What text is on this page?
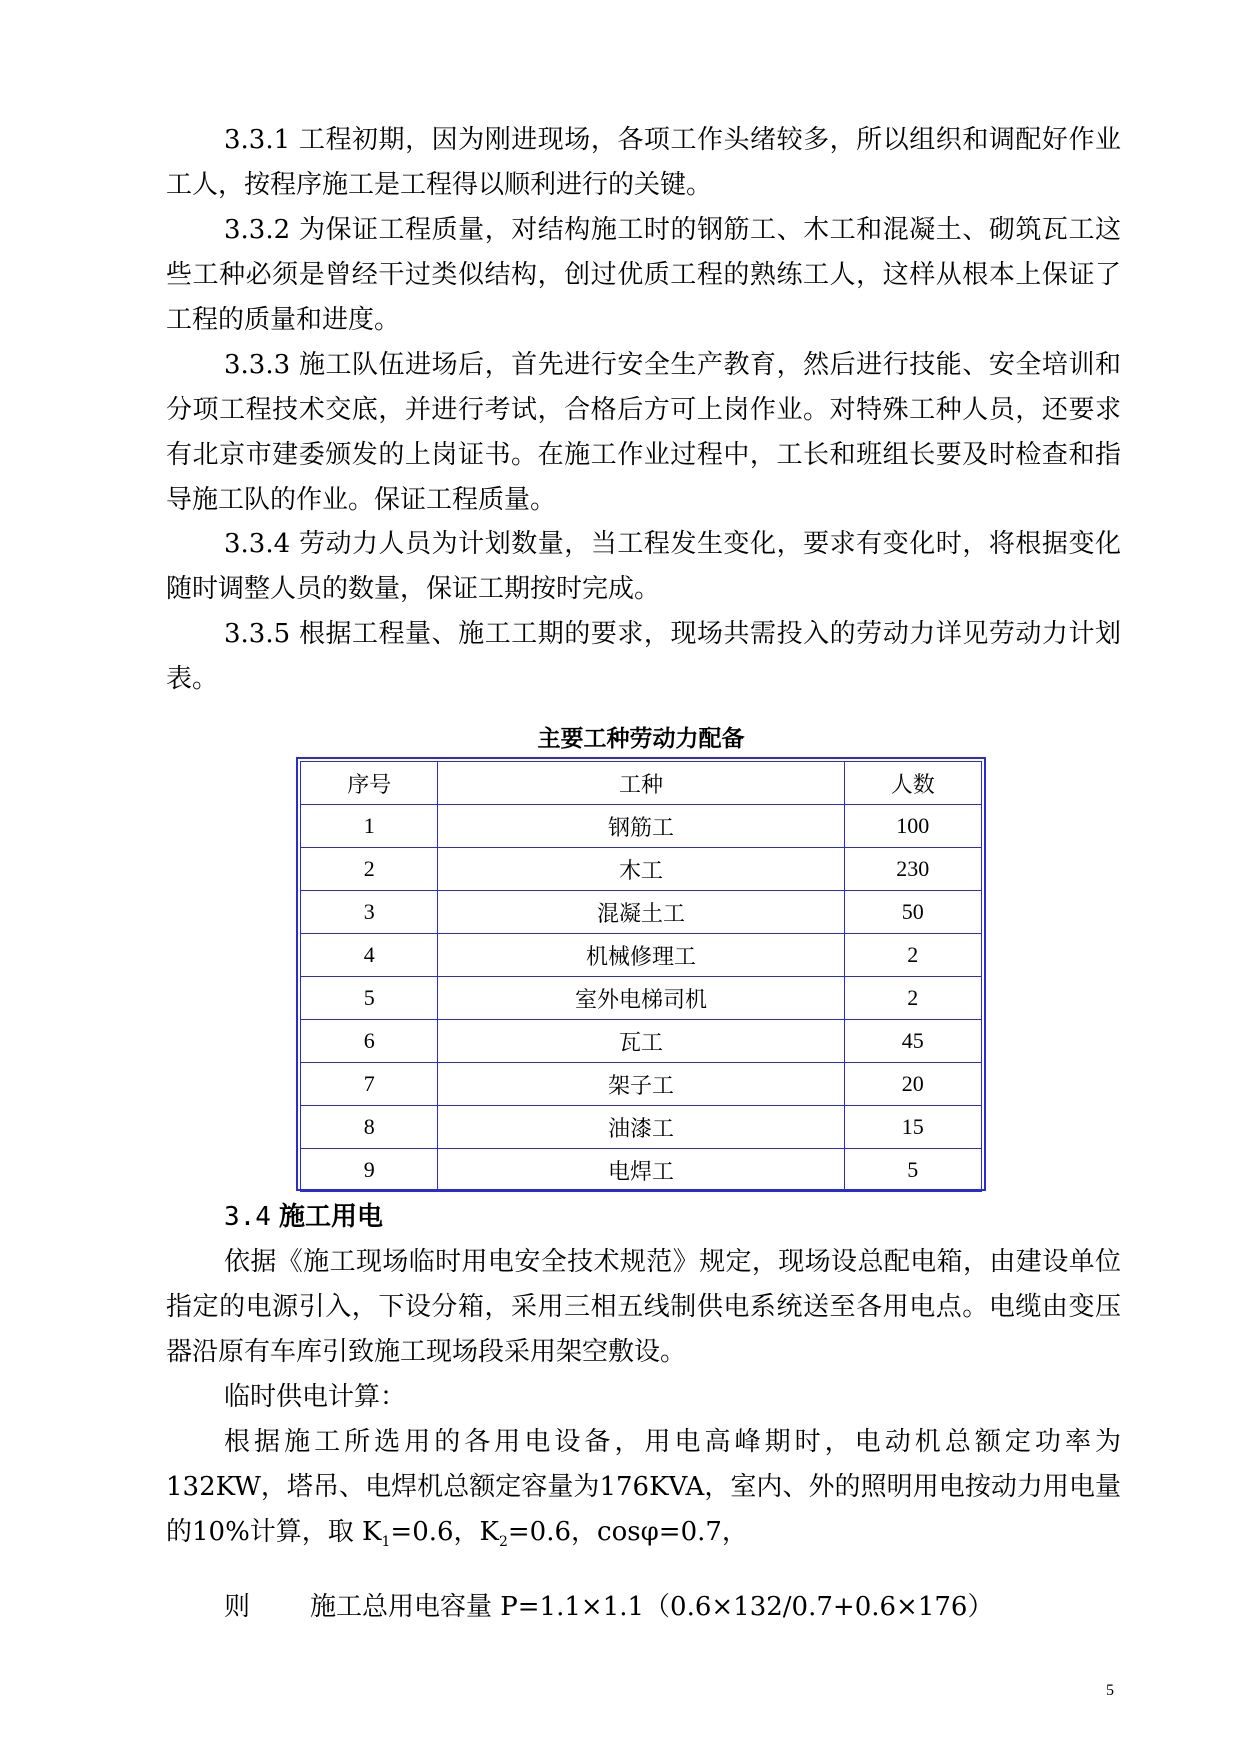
3.3.1 工程初期，因为刚进现场，各项工作头绪较多，所以组织和调配好作业工人，按程序施工是工程得以顺利进行的关键。

3.3.2 为保证工程质量，对结构施工时的钢筋工、木工和混凝土、砌筑瓦工这些工种必须是曾经干过类似结构，创过优质工程的熟练工人，这样从根本上保证了工程的质量和进度。

3.3.3 施工队伍进场后，首先进行安全生产教育，然后进行技能、安全培训和分项工程技术交底，并进行考试，合格后方可上岗作业。对特殊工种人员，还要求有北京市建委颁发的上岗证书。在施工作业过程中，工长和班组长要及时检查和指导施工队的作业。保证工程质量。

3.3.4 劳动力人员为计划数量，当工程发生变化，要求有变化时，将根据变化随时调整人员的数量，保证工期按时完成。

3.3.5 根据工程量、施工工期的要求，现场共需投入的劳动力详见劳动力计划表。

主要工种劳动力配备
序号	工种	人数
1	钢筋工	100
2	木工	230
3	混凝土工	50
4	机械修理工	2
5	室外电梯司机	2
6	瓦工	45
7	架子工	20
8	油漆工	15
9	电焊工	5
3.4 施工用电

依据《施工现场临时用电安全技术规范》规定，现场设总配电箱，由建设单位指定的电源引入，下设分箱，采用三相五线制供电系统送至各用电点。电缆由变压器沿原有车库引致施工现场段采用架空敷设。

临时供电计算：

根据施工所选用的各用电设备，用电高峰期时，电动机总额定功率为132KW，塔吊、电焊机总额定容量为176KVA，室内、外的照明用电按动力用电量的10%计算，取 $K_1=0.6$，$K_2=0.6$，cosφ=0.7，

则 施工总用电容量 P=1.1×1.1（0.6×132/0.7+0.6×176）
5
